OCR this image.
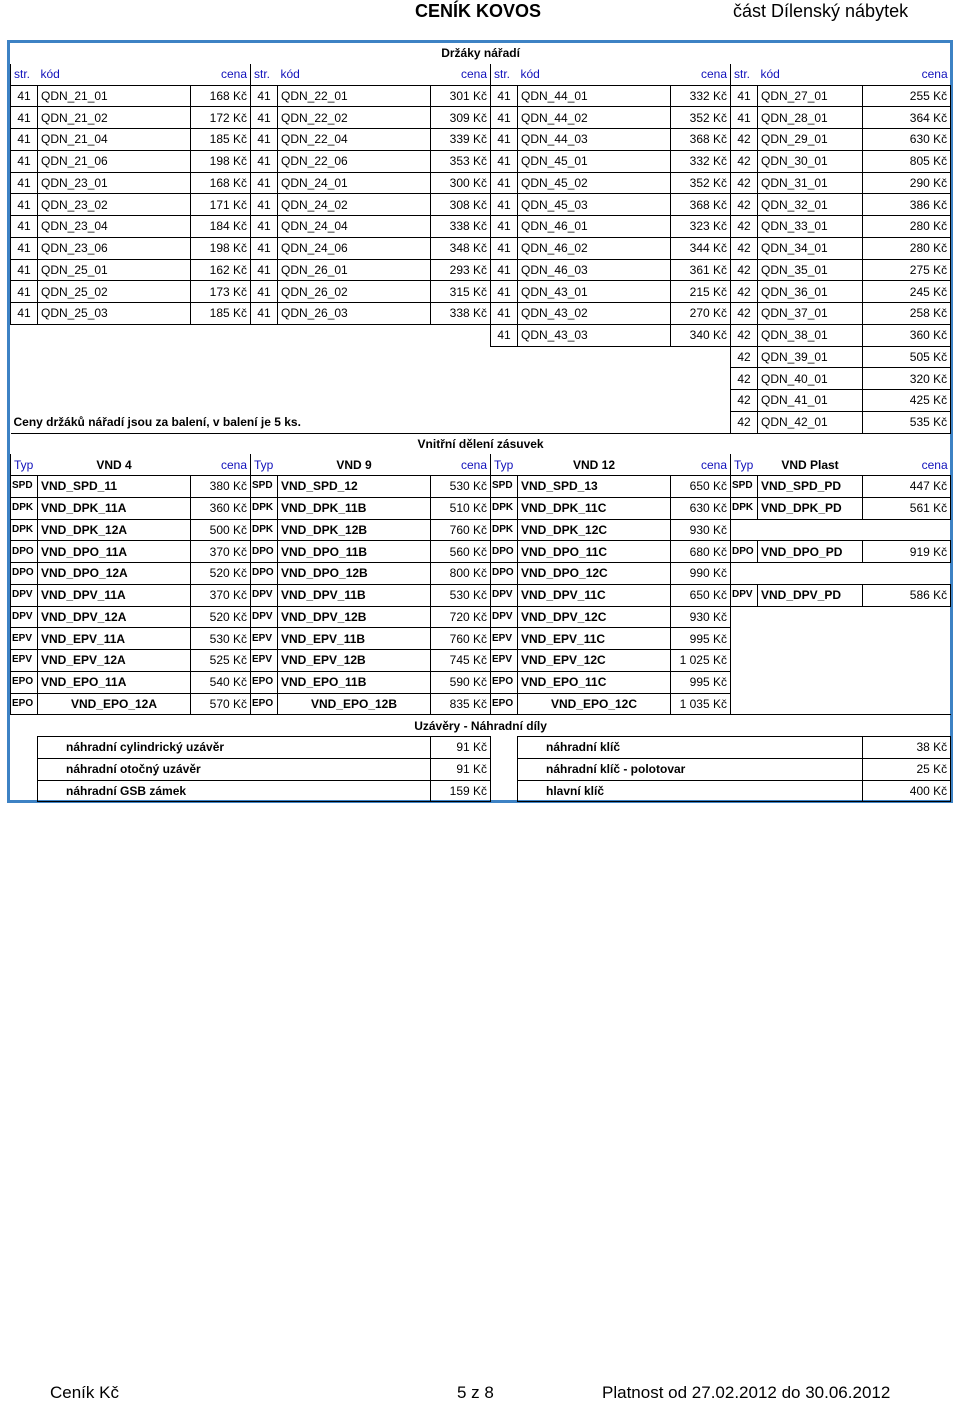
CENÍK KOVOS	část Dílenský nábytek
Držáky nářadí											
str.	kód	cena	str.	kód	cena	str.	kód	cena	str.	kód	cena
41	QDN_21_01	168 Kč	41	QDN_22_01	301 Kč	41	QDN_44_01	332 Kč	41	QDN_27_01	255 Kč
41	QDN_21_02	172 Kč	41	QDN_22_02	309 Kč	41	QDN_44_02	352 Kč	41	QDN_28_01	364 Kč
41	QDN_21_04	185 Kč	41	QDN_22_04	339 Kč	41	QDN_44_03	368 Kč	42	QDN_29_01	630 Kč
41	QDN_21_06	198 Kč	41	QDN_22_06	353 Kč	41	QDN_45_01	332 Kč	42	QDN_30_01	805 Kč
41	QDN_23_01	168 Kč	41	QDN_24_01	300 Kč	41	QDN_45_02	352 Kč	42	QDN_31_01	290 Kč
41	QDN_23_02	171 Kč	41	QDN_24_02	308 Kč	41	QDN_45_03	368 Kč	42	QDN_32_01	386 Kč
41	QDN_23_04	184 Kč	41	QDN_24_04	338 Kč	41	QDN_46_01	323 Kč	42	QDN_33_01	280 Kč
41	QDN_23_06	198 Kč	41	QDN_24_06	348 Kč	41	QDN_46_02	344 Kč	42	QDN_34_01	280 Kč
41	QDN_25_01	162 Kč	41	QDN_26_01	293 Kč	41	QDN_46_03	361 Kč	42	QDN_35_01	275 Kč
41	QDN_25_02	173 Kč	41	QDN_26_02	315 Kč	41	QDN_43_01	215 Kč	42	QDN_36_01	245 Kč
41	QDN_25_03	185 Kč	41	QDN_26_03	338 Kč	41	QDN_43_02	270 Kč	42	QDN_37_01	258 Kč
						41	QDN_43_03	340 Kč	42	QDN_38_01	360 Kč
									42	QDN_39_01	505 Kč
									42	QDN_40_01	320 Kč
									42	QDN_41_01	425 Kč
Ceny držáků nářadí jsou za balení, v balení je 5 ks.									42	QDN_42_01	535 Kč
Vnitřní dělení zásuvek											
Typ	VND 4	cena	Typ	VND 9	cena	Typ	VND 12	cena	Typ	VND Plast	cena
SPD	VND_SPD_11	380 Kč	SPD	VND_SPD_12	530 Kč	SPD	VND_SPD_13	650 Kč	SPD	VND_SPD_PD	447 Kč
DPK	VND_DPK_11A	360 Kč	DPK	VND_DPK_11B	510 Kč	DPK	VND_DPK_11C	630 Kč	DPK	VND_DPK_PD	561 Kč
DPK	VND_DPK_12A	500 Kč	DPK	VND_DPK_12B	760 Kč	DPK	VND_DPK_12C	930 Kč			
DPO	VND_DPO_11A	370 Kč	DPO	VND_DPO_11B	560 Kč	DPO	VND_DPO_11C	680 Kč	DPO	VND_DPO_PD	919 Kč
DPO	VND_DPO_12A	520 Kč	DPO	VND_DPO_12B	800 Kč	DPO	VND_DPO_12C	990 Kč			
DPV	VND_DPV_11A	370 Kč	DPV	VND_DPV_11B	530 Kč	DPV	VND_DPV_11C	650 Kč	DPV	VND_DPV_PD	586 Kč
DPV	VND_DPV_12A	520 Kč	DPV	VND_DPV_12B	720 Kč	DPV	VND_DPV_12C	930 Kč			
EPV	VND_EPV_11A	530 Kč	EPV	VND_EPV_11B	760 Kč	EPV	VND_EPV_11C	995 Kč			
EPV	VND_EPV_12A	525 Kč	EPV	VND_EPV_12B	745 Kč	EPV	VND_EPV_12C	1 025 Kč			
EPO	VND_EPO_11A	540 Kč	EPO	VND_EPO_11B	590 Kč	EPO	VND_EPO_11C	995 Kč			
EPO	VND_EPO_12A	570 Kč	EPO	VND_EPO_12B	835 Kč	EPO	VND_EPO_12C	1 035 Kč			
Uzávěry - Náhradní díly											
	náhradní cylindrický uzávěr				91 Kč		náhradní klíč				38 Kč
	náhradní otočný uzávěr				91 Kč		náhradní klíč - polotovar				25 Kč
	náhradní GSB zámek				159 Kč		hlavní klíč				400 Kč
Ceník Kč	5 z 8	Platnost od 27.02.2012 do 30.06.2012
